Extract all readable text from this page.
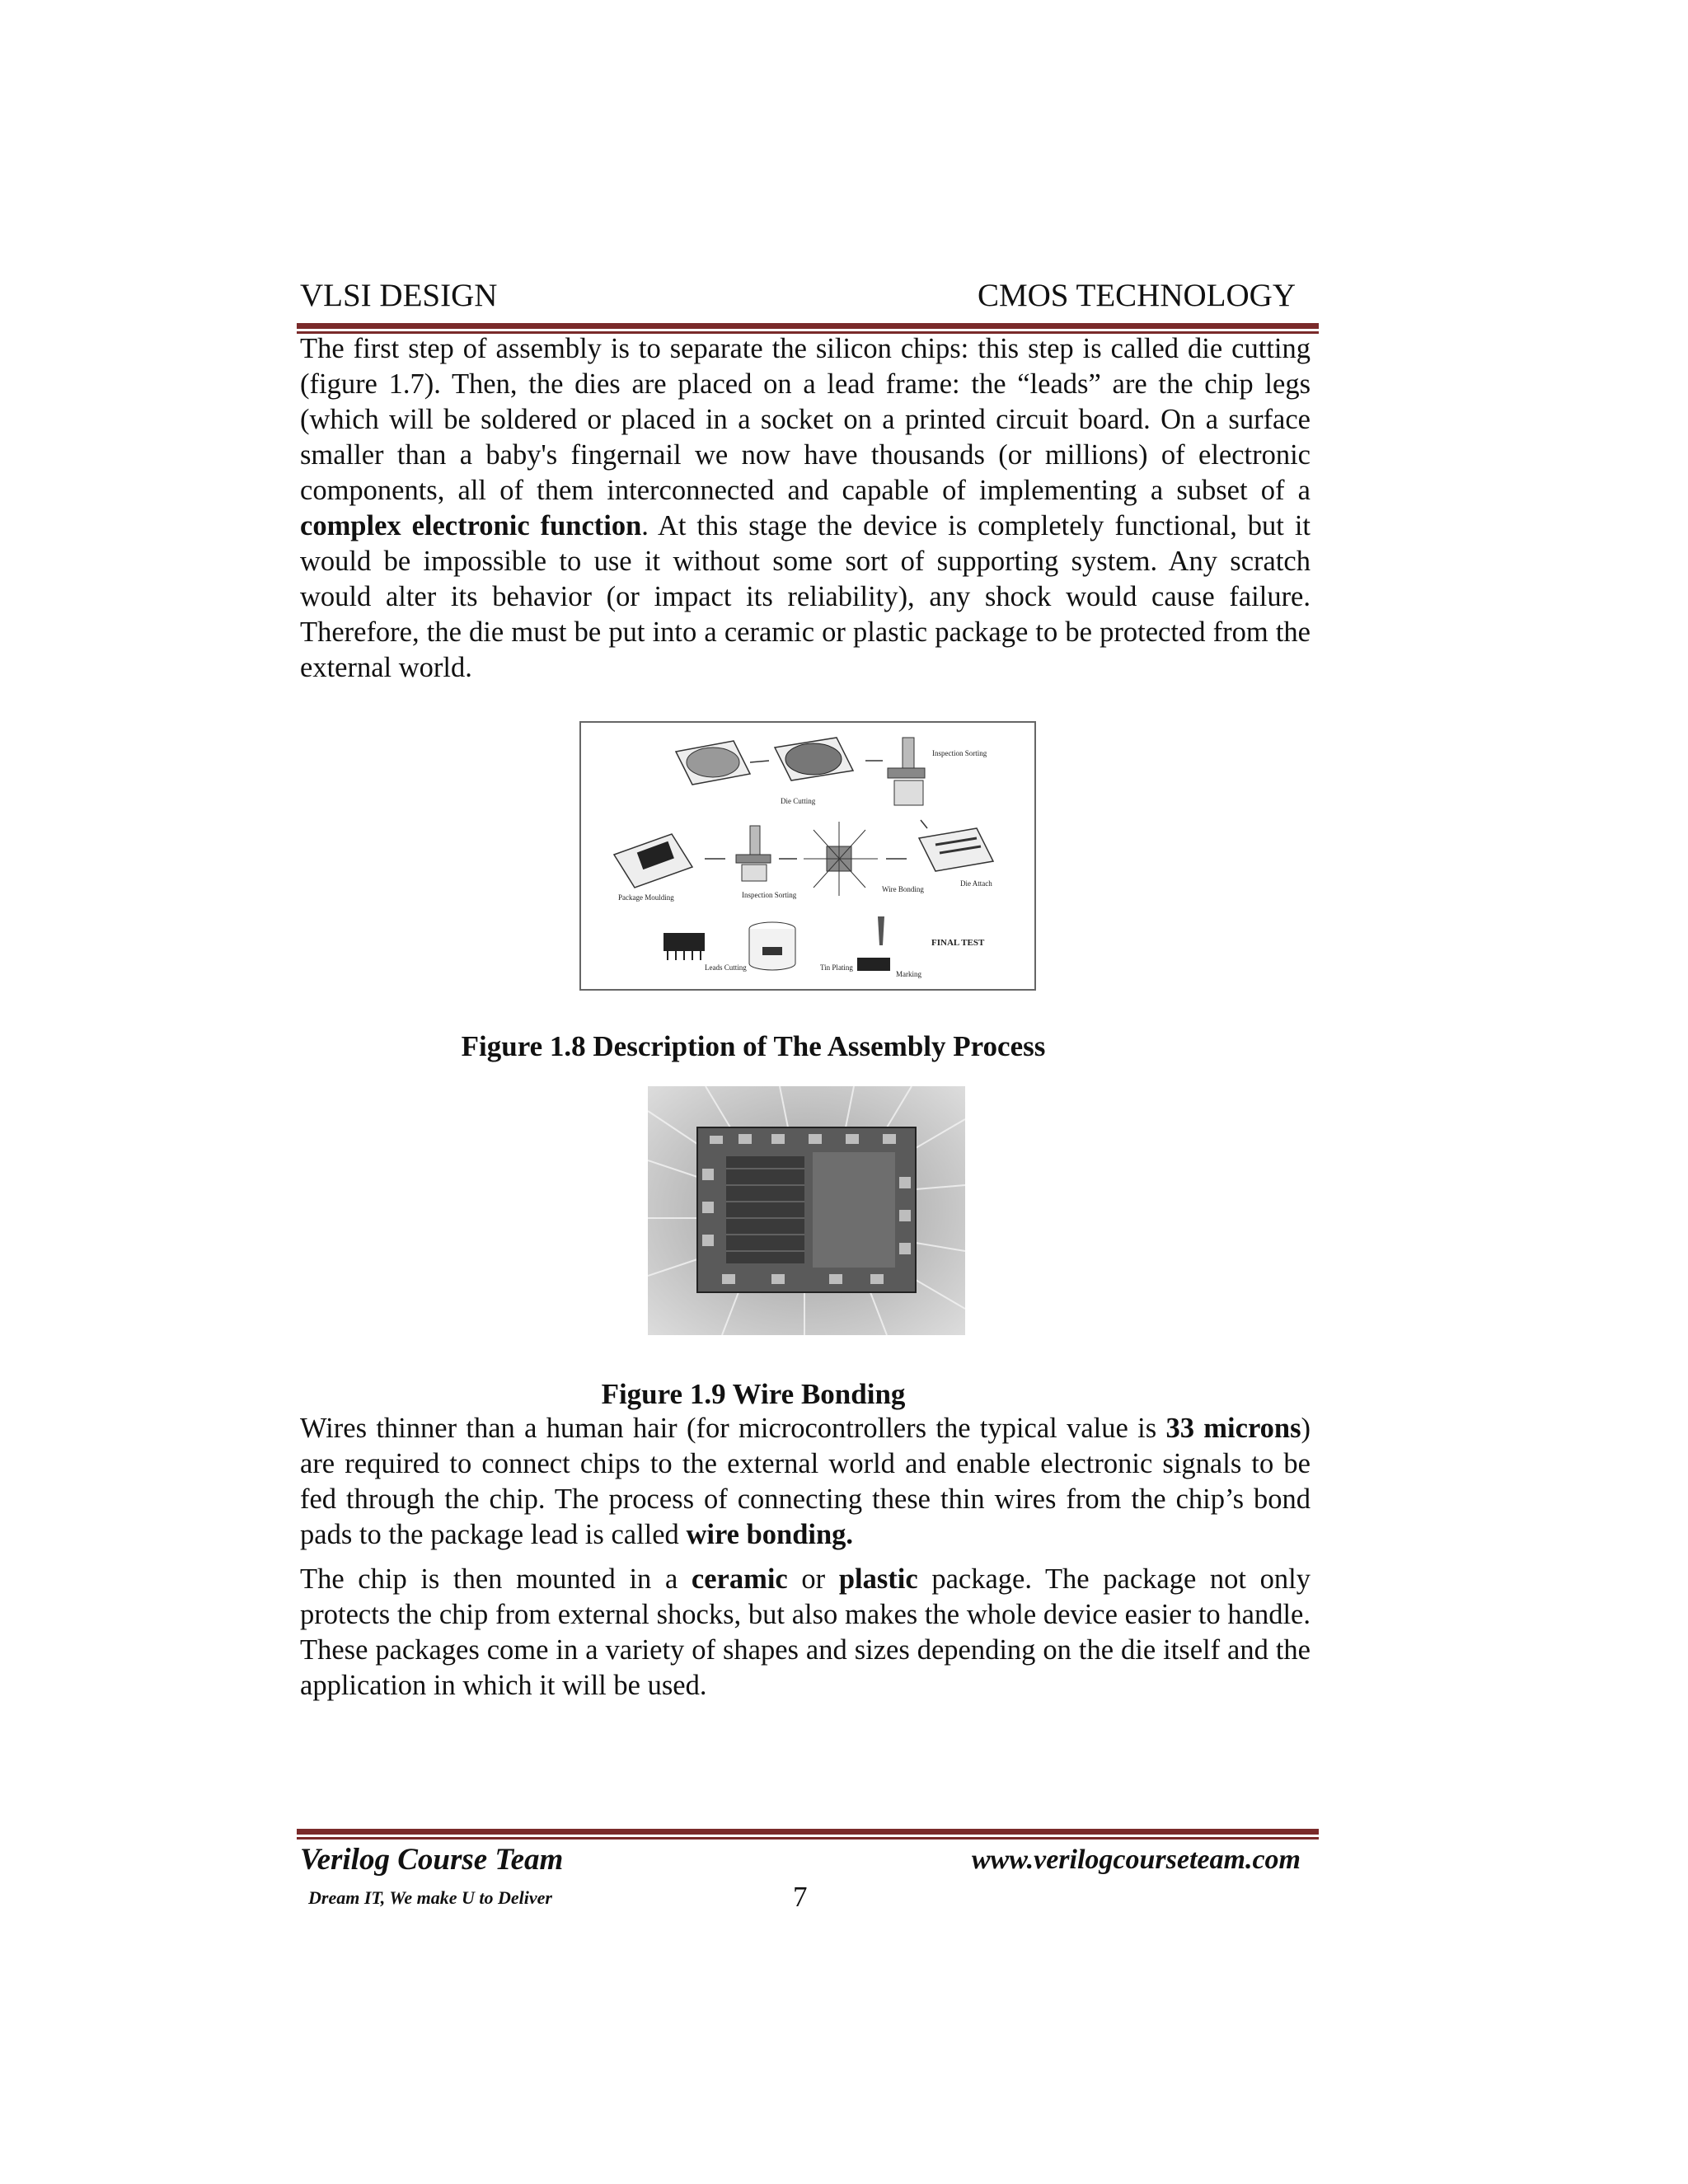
VLSI DESIGN	CMOS TECHNOLOGY
The first step of assembly is to separate the silicon chips: this step is called die cutting (figure 1.7). Then, the dies are placed on a lead frame: the “leads” are the chip legs (which will be soldered or placed in a socket on a printed circuit board. On a surface smaller than a baby's fingernail we now have thousands (or millions) of electronic components, all of them interconnected and capable of implementing a subset of a complex electronic function. At this stage the device is completely functional, but it would be impossible to use it without some sort of supporting system. Any scratch would alter its behavior (or impact its reliability), any shock would cause failure. Therefore, the die must be put into a ceramic or plastic package to be protected from the external world.
Die Cutting
Inspection Sorting
Die Attach
Wire Bonding
Inspection Sorting
Package Moulding
Leads Cutting	Tin Plating
Marking
FINAL TEST
Figure 1.8 Description of The Assembly Process
Figure 1.9 Wire Bonding
Wires thinner than a human hair (for microcontrollers the typical value is 33 microns) are required to connect chips to the external world and enable electronic signals to be fed through the chip. The process of connecting these thin wires from the chip’s bond pads to the package lead is called wire bonding.
The chip is then mounted in a ceramic or plastic package. The package not only protects the chip from external shocks, but also makes the whole device easier to handle. These packages come in a variety of shapes and sizes depending on the die itself and the application in which it will be used.
Verilog Course Team	www.verilogcourseteam.com
Dream IT, We make U to Deliver	7
